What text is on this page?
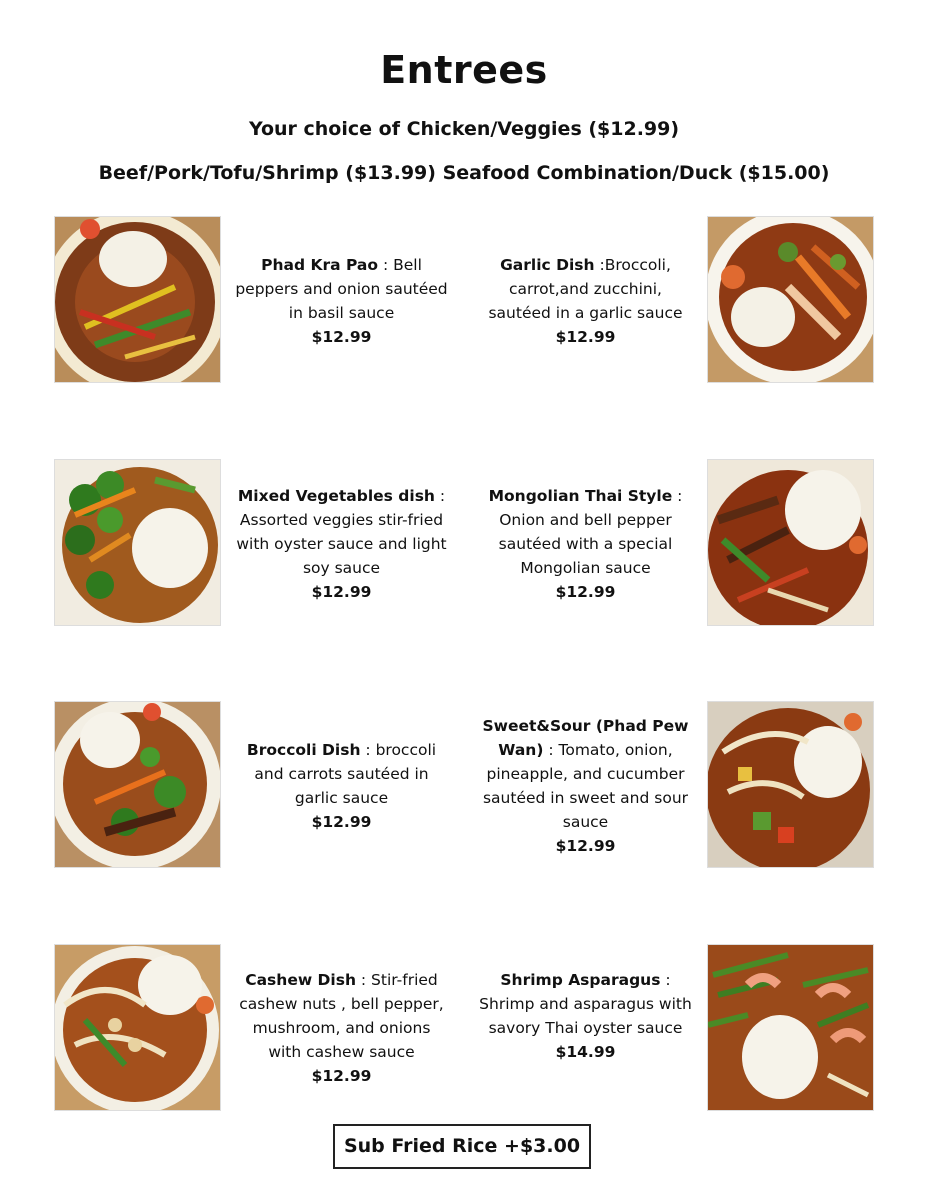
Entrees
Your choice of Chicken/Veggies ($12.99)
Beef/Pork/Tofu/Shrimp ($13.99) Seafood Combination/Duck ($15.00)
Phad Kra Pao : Bell peppers and onion sautéed in basil sauce
$12.99
Garlic Dish :Broccoli, carrot,and zucchini, sautéed in a garlic sauce
$12.99
Mixed Vegetables dish : Assorted veggies stir-fried with oyster sauce and light soy sauce
$12.99
Mongolian Thai Style : Onion and bell pepper sautéed with a special Mongolian sauce
$12.99
Broccoli Dish : broccoli and carrots sautéed in garlic sauce
$12.99
Sweet&Sour (Phad Pew Wan) : Tomato, onion, pineapple, and cucumber sautéed in sweet and sour sauce
$12.99
Cashew Dish : Stir-fried cashew nuts , bell pepper, mushroom, and onions with cashew sauce
$12.99
Shrimp Asparagus : Shrimp and asparagus with savory Thai oyster sauce
$14.99
Sub Fried Rice +$3.00
